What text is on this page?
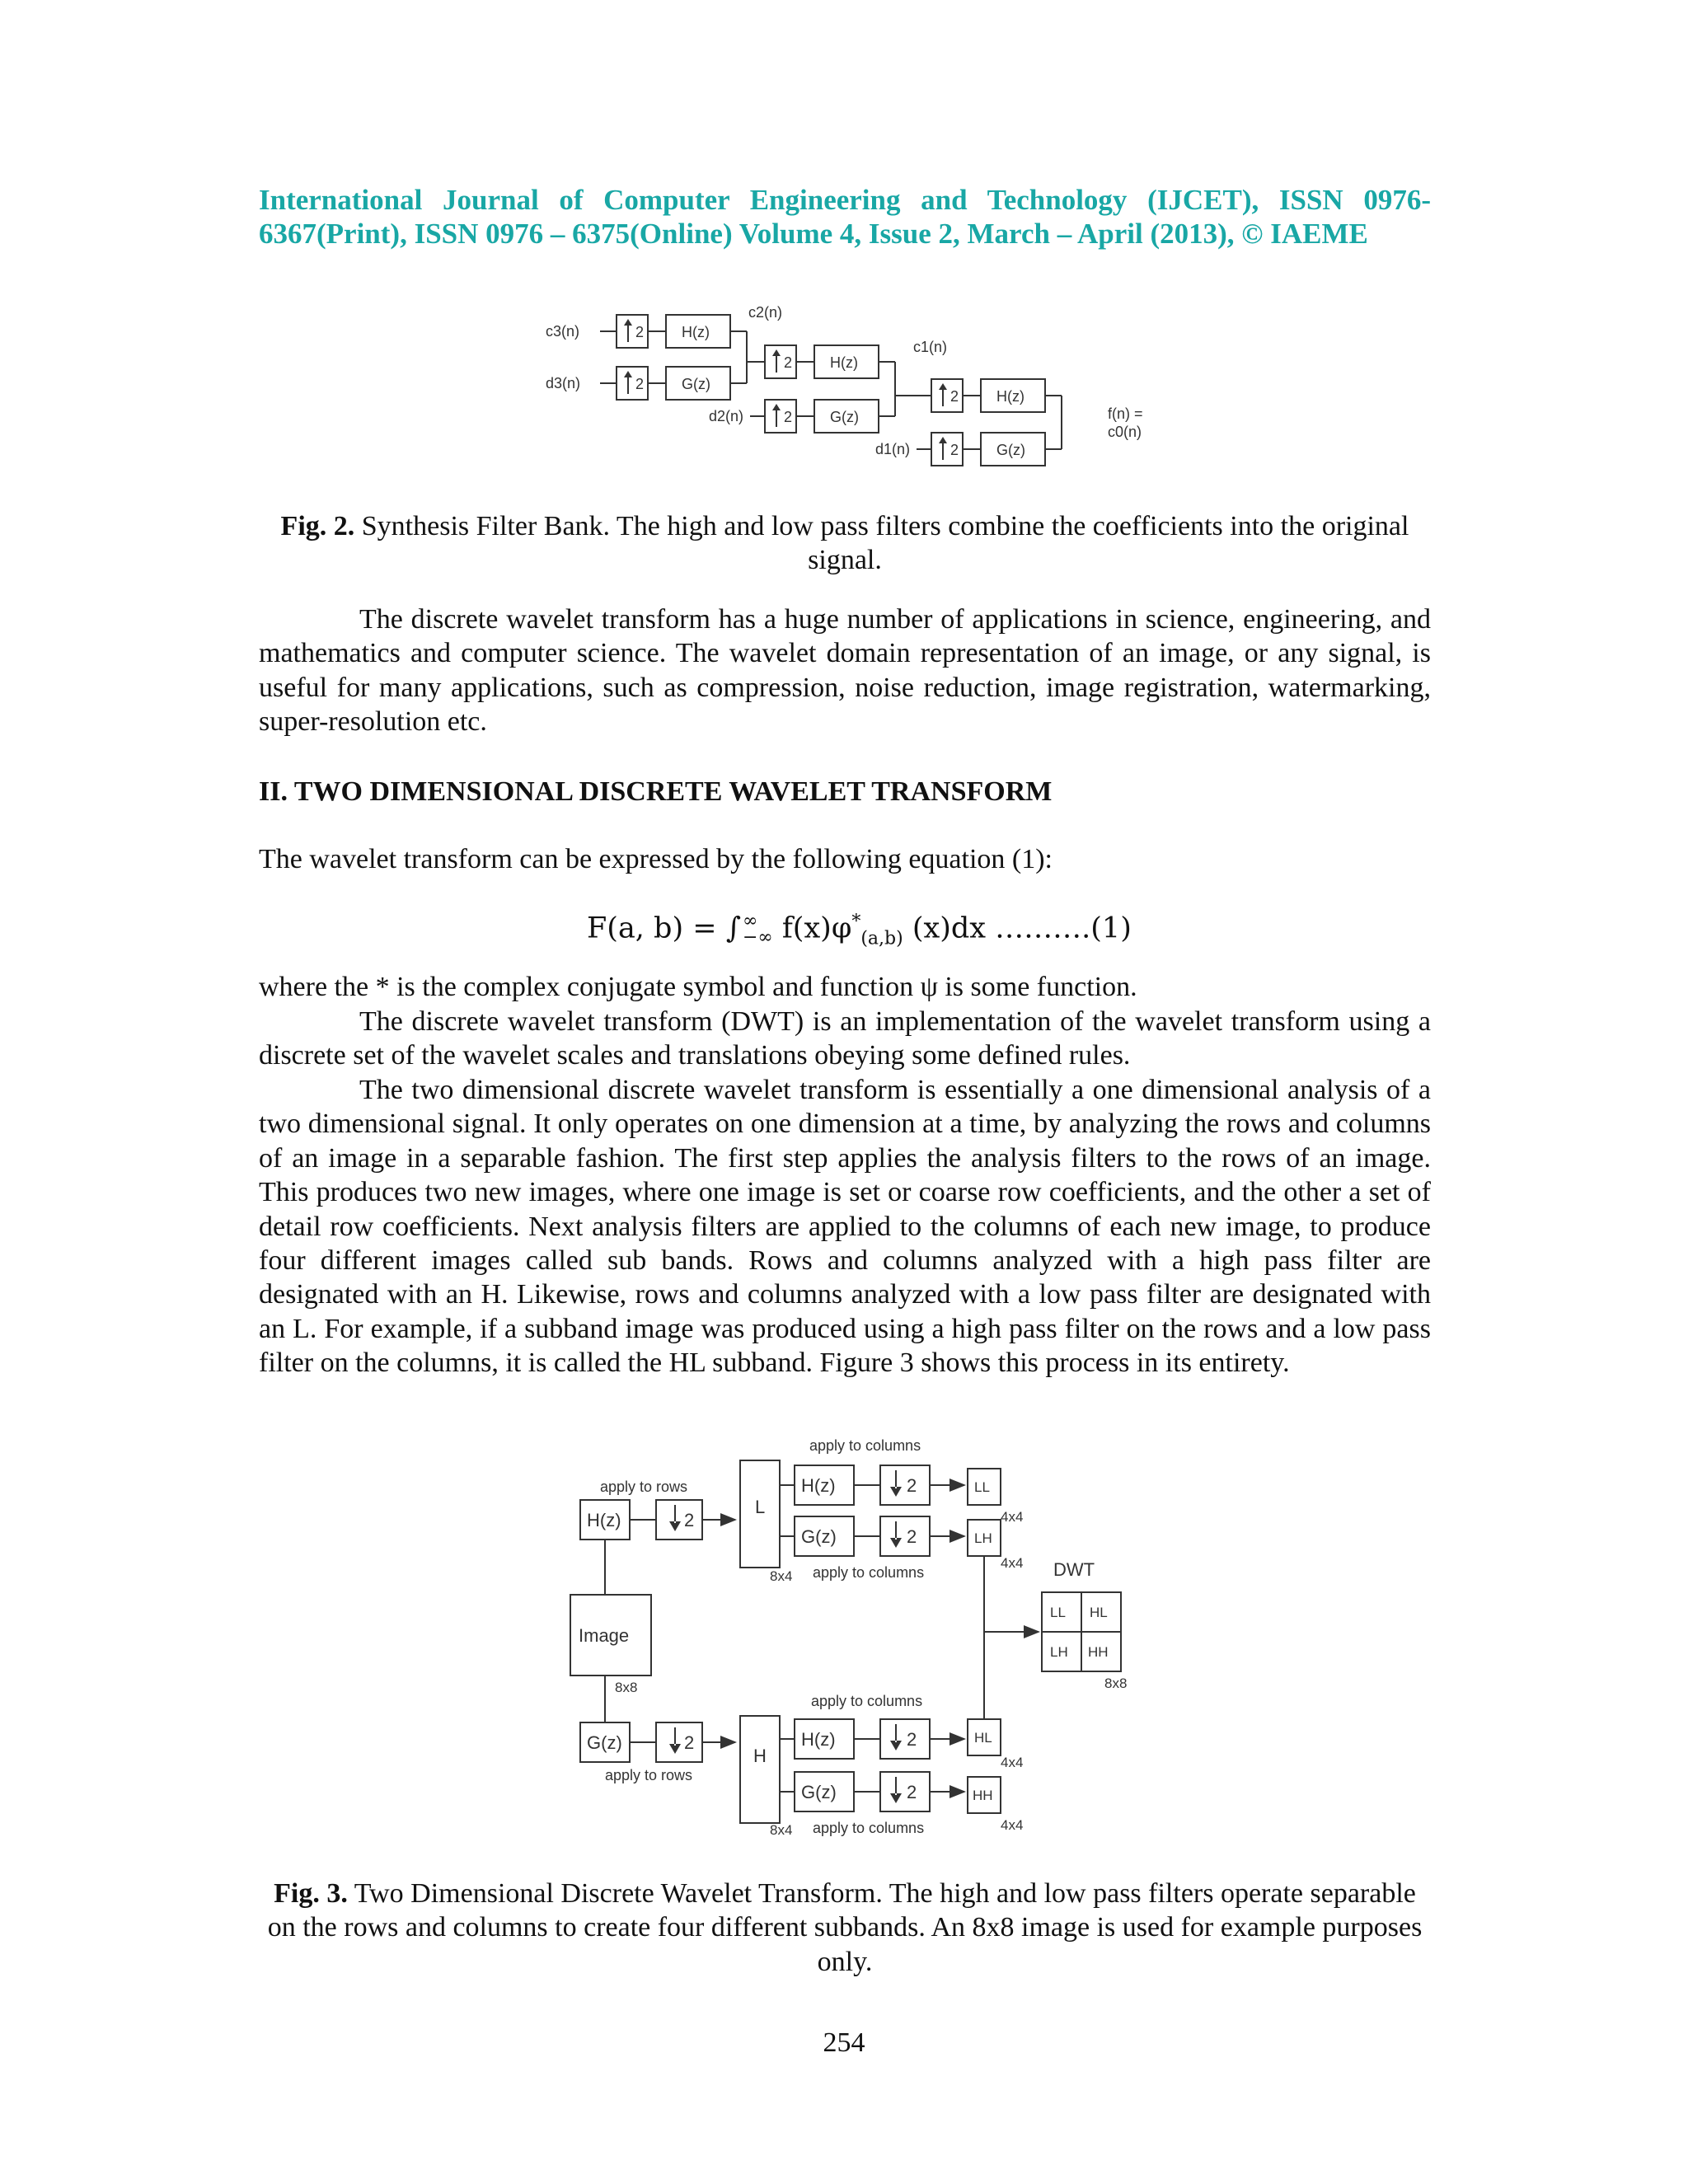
International Journal of Computer Engineering and Technology (IJCET), ISSN 0976-6367(Print), ISSN 0976 – 6375(Online) Volume 4, Issue 2, March – April (2013), © IAEME
c3(n)
d3(n)
c2(n)
d2(n)
c1(n)
d1(n)
f(n) =
c0(n)
2
2
2
2
2
2
H(z)
G(z)
H(z)
G(z)
H(z)
G(z)
Fig. 2. Synthesis Filter Bank. The high and low pass filters combine the coefficients into the original signal.
The discrete wavelet transform has a huge number of applications in science, engineering, and mathematics and computer science. The wavelet domain representation of an image, or any signal, is useful for many applications, such as compression, noise reduction, image registration, watermarking, super-resolution etc.
II. TWO DIMENSIONAL DISCRETE WAVELET TRANSFORM
The wavelet transform can be expressed by the following equation (1):
F(a, b) = ∫ ∞
−∞ $f(x)\varphi^*_{(a,b)}$ (x)dx ……….(1)
where the * is the complex conjugate symbol and function ψ is some function.
The discrete wavelet transform (DWT) is an implementation of the wavelet transform using a discrete set of the wavelet scales and translations obeying some defined rules.
The two dimensional discrete wavelet transform is essentially a one dimensional analysis of a two dimensional signal. It only operates on one dimension at a time, by analyzing the rows and columns of an image in a separable fashion. The first step applies the analysis filters to the rows of an image. This produces two new images, where one image is set or coarse row coefficients, and the other a set of detail row coefficients. Next analysis filters are applied to the columns of each new image, to produce four different images called sub bands. Rows and columns analyzed with a high pass filter are designated with an H. Likewise, rows and columns analyzed with a low pass filter are designated with an L. For example, if a subband image was produced using a high pass filter on the rows and a low pass filter on the columns, it is called the HL subband. Figure 3 shows this process in its entirety.
apply to rows
apply to rows
apply to columns
apply to columns
apply to columns
apply to columns
H(z)
G(z)
H(z)
G(z)
H(z)
G(z)
2
2
2
2
2
2
L
H
Image
DWT
8x8
8x4
8x4
4x4
4x4
4x4
4x4
8x8
LL
LH
HL
HH
LL HL
LH HH
Fig. 3. Two Dimensional Discrete Wavelet Transform. The high and low pass filters operate separable on the rows and columns to create four different subbands. An 8x8 image is used for example purposes only.
254
